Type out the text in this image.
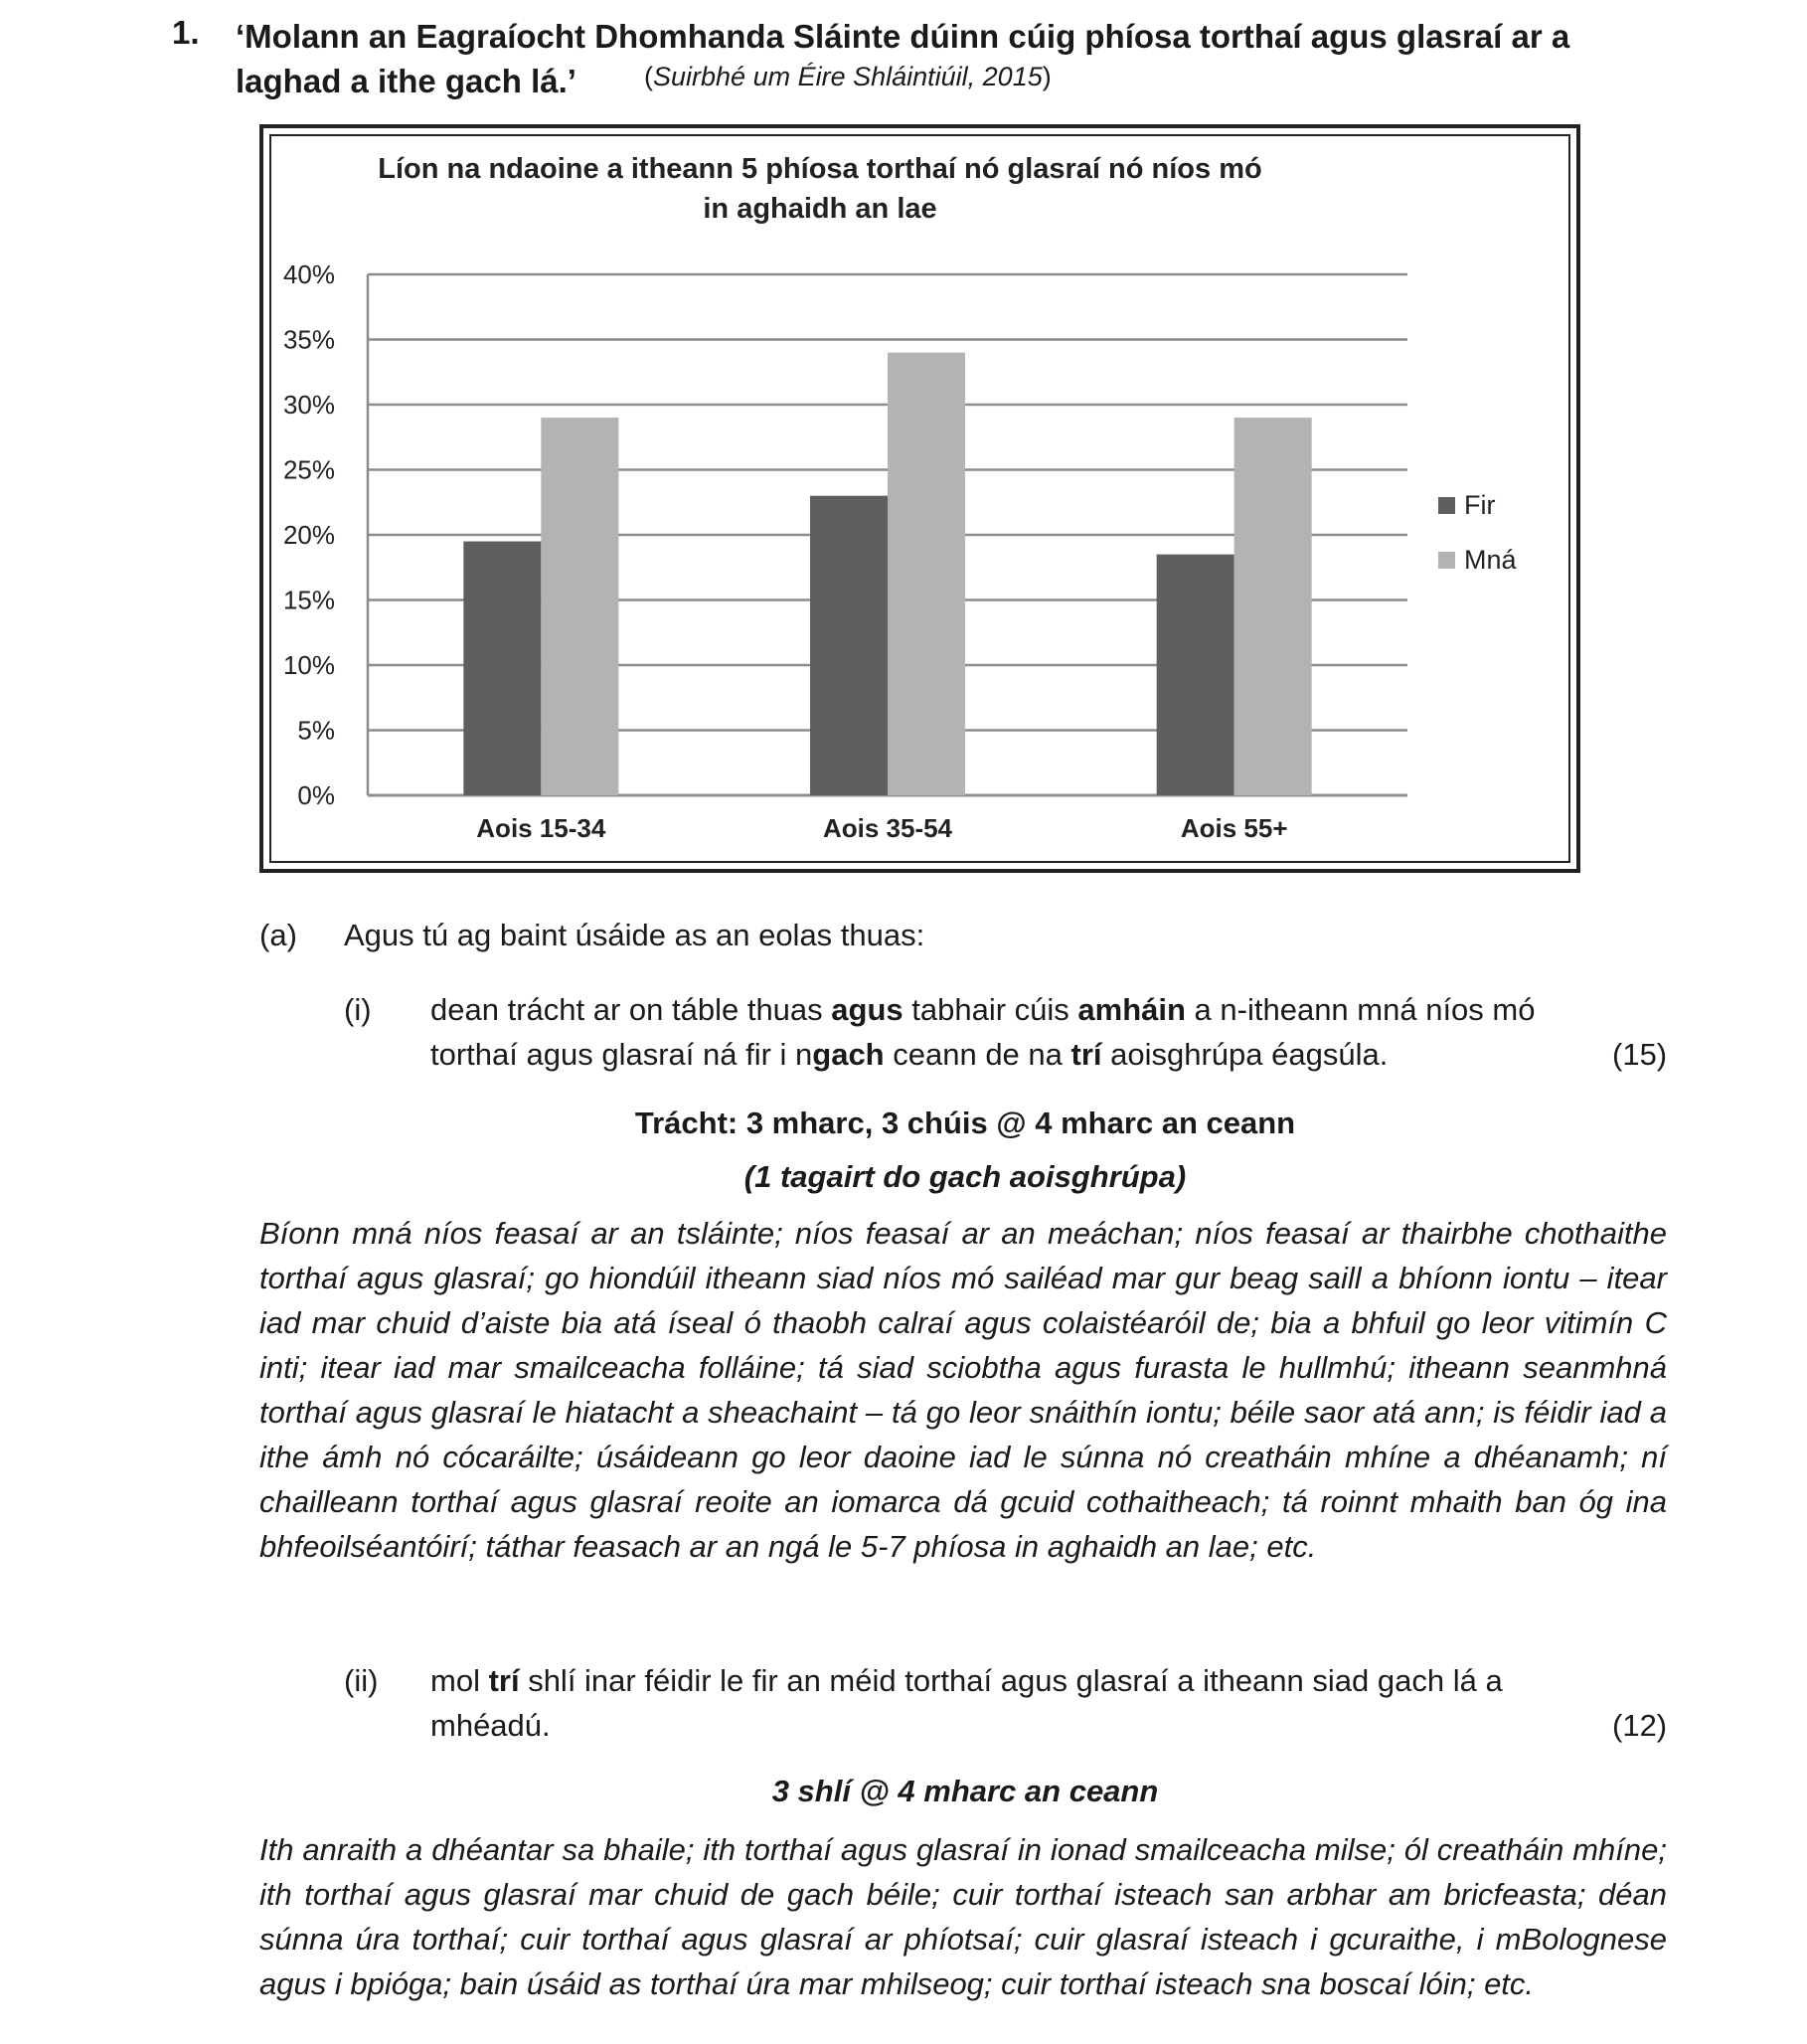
1. ‘Molann an Eagraíocht Dhomhanda Sláinte dúinn cúig phíosa torthaí agus glasraí ar a laghad a ithe gach lá.’	(Suirbhé um Éire Shláintiúil, 2015)
Líon na ndaoine a itheann 5 phíosa torthaí nó glasraí nó níos mó
in aghaidh an lae
0%
5%
10%
15%
20%
25%
30%
35%
40%
Aois 15-34	Aois 35-54	Aois 55+
Fir
Mná
(a) Agus tú ag baint úsáide as an eolas thuas:
(i) dean trácht ar on táble thuas agus tabhair cúis amháin a n-itheann mná níos mó torthaí agus glasraí ná fir i ngach ceann de na trí aoisghrúpa éagsúla.	(15)
Trácht: 3 mharc, 3 chúis @ 4 mharc an ceann
(1 tagairt do gach aoisghrúpa)
Bíonn mná níos feasaí ar an tsláinte; níos feasaí ar an meáchan; níos feasaí ar thairbhe chothaithe torthaí agus glasraí; go hiondúil itheann siad níos mó sailéad mar gur beag saill a bhíonn iontu – itear iad mar chuid d’aiste bia atá íseal ó thaobh calraí agus colaistéaróil de; bia a bhfuil go leor vitimín C inti; itear iad mar smailceacha folláine; tá siad sciobtha agus furasta le hullmhú; itheann seanmhná torthaí agus glasraí le hiatacht a sheachaint – tá go leor snáithín iontu; béile saor atá ann; is féidir iad a ithe ámh nó cócaráilte; úsáideann go leor daoine iad le súnna nó creatháin mhíne a dhéanamh; ní chailleann torthaí agus glasraí reoite an iomarca dá gcuid cothaitheach; tá roinnt mhaith ban óg ina bhfeoilséantóirí; táthar feasach ar an ngá le 5-7 phíosa in aghaidh an lae; etc.
(ii) mol trí shlí inar féidir le fir an méid torthaí agus glasraí a itheann siad gach lá a mhéadú.	(12)
3 shlí @ 4 mharc an ceann
Ith anraith a dhéantar sa bhaile; ith torthaí agus glasraí in ionad smailceacha milse; ól creatháin mhíne; ith torthaí agus glasraí mar chuid de gach béile; cuir torthaí isteach san arbhar am bricfeasta; déan súnna úra torthaí; cuir torthaí agus glasraí ar phíotsaí; cuir glasraí isteach i gcuraithe, i mBolognese agus i bpióga; bain úsáid as torthaí úra mar mhilseog; cuir torthaí isteach sna boscaí lóin; etc.
